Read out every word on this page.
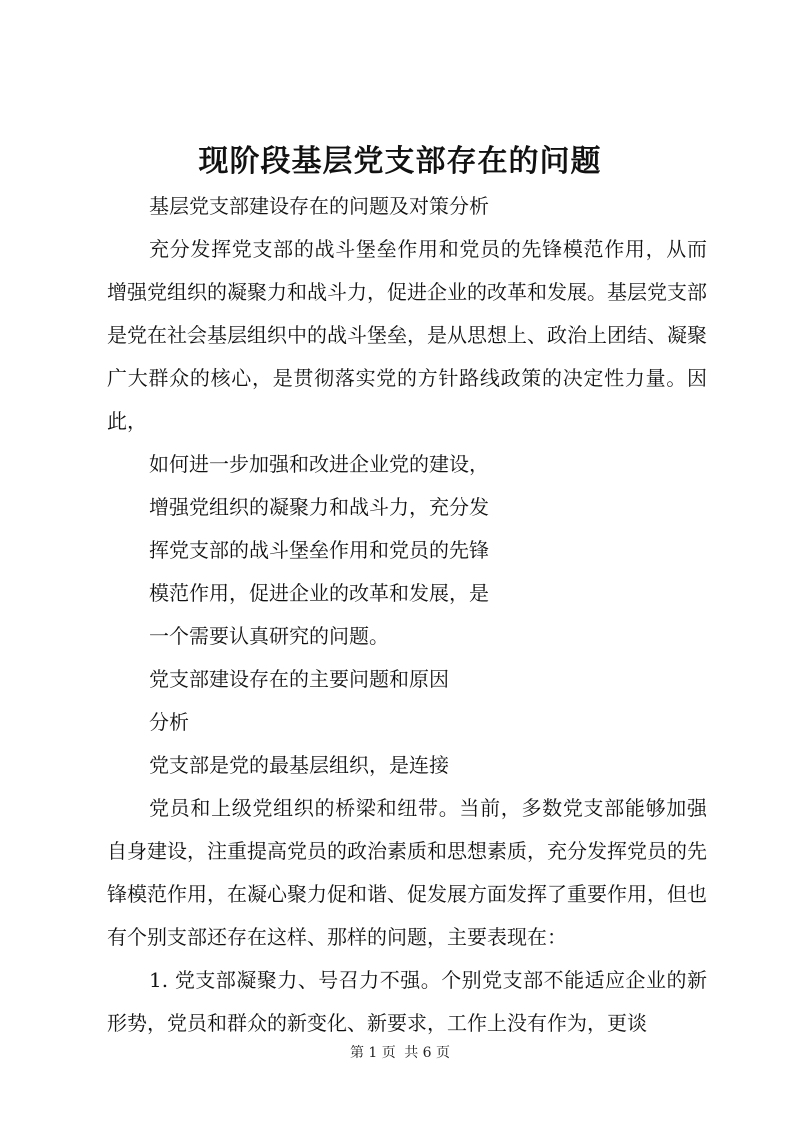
现阶段基层党支部存在的问题

基层党支部建设存在的问题及对策分析

充分发挥党支部的战斗堡垒作用和党员的先锋模范作用，从而增强党组织的凝聚力和战斗力，促进企业的改革和发展。基层党支部是党在社会基层组织中的战斗堡垒，是从思想上、政治上团结、凝聚广大群众的核心，是贯彻落实党的方针路线政策的决定性力量。因此，

如何进一步加强和改进企业党的建设，

增强党组织的凝聚力和战斗力，充分发

挥党支部的战斗堡垒作用和党员的先锋

模范作用，促进企业的改革和发展，是

一个需要认真研究的问题。

党支部建设存在的主要问题和原因

分析

党支部是党的最基层组织，是连接

党员和上级党组织的桥梁和纽带。当前，多数党支部能够加强自身建设，注重提高党员的政治素质和思想素质，充分发挥党员的先锋模范作用，在凝心聚力促和谐、促发展方面发挥了重要作用，但也有个别支部还存在这样、那样的问题，主要表现在：

1. 党支部凝聚力、号召力不强。个别党支部不能适应企业的新形势，党员和群众的新变化、新要求，工作上没有作为，更谈

第 1 页 共 6 页
